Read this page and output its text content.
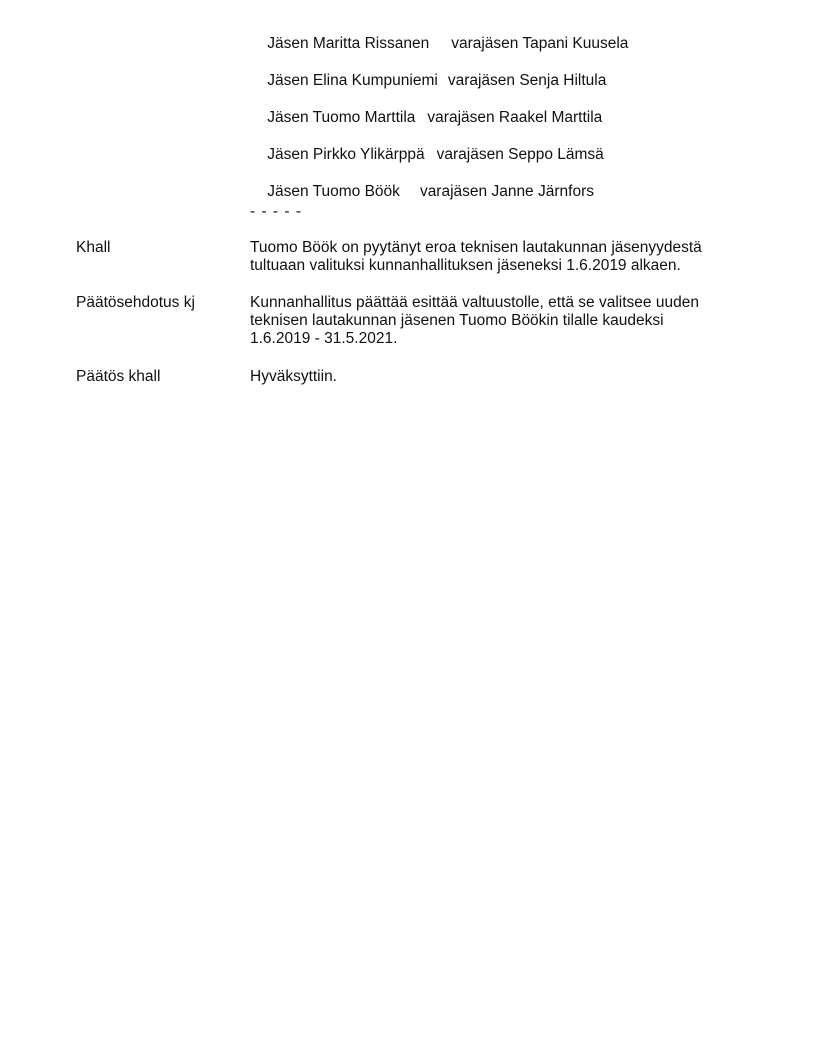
Jäsen Maritta Rissanen varajäsen Tapani Kuusela

Jäsen Elina Kumpuniemi varajäsen Senja Hiltula

Jäsen Tuomo Marttila varajäsen Raakel Marttila

Jäsen Pirkko Ylikärppä varajäsen Seppo Lämsä

Jäsen Tuomo Böök varajäsen Janne Järnfors

- - - - -
Khall	Tuomo Böök on pyytänyt eroa teknisen lautakunnan jäsenyydestä
tultuaan valituksi kunnanhallituksen jäseneksi 1.6.2019 alkaen.
Päätösehdotus kj	Kunnanhallitus päättää esittää valtuustolle, että se valitsee uuden
teknisen lautakunnan jäsenen Tuomo Böökin tilalle kaudeksi
1.6.2019 - 31.5.2021.
Päätös khall	Hyväksyttiin.
